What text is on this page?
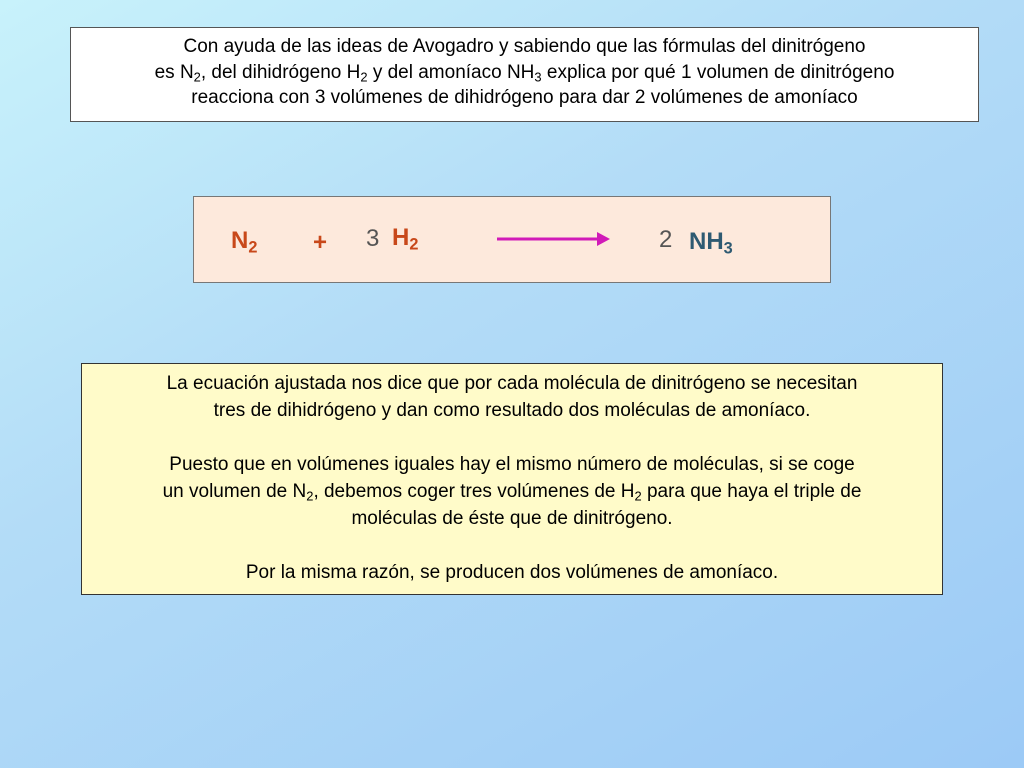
Con ayuda de las ideas de Avogadro y sabiendo que las fórmulas del dinitrógeno
es $N_2$, del dihidrógeno $H_2$ y del amoníaco $NH_3$ explica por qué 1 volumen de dinitrógeno
reacciona con 3 volúmenes de dihidrógeno para dar 2 volúmenes de amoníaco
$N_2 + 3$ $H_2$	2 $NH_3$
La ecuación ajustada nos dice que por cada molécula de dinitrógeno se necesitan
tres de dihidrógeno y dan como resultado dos moléculas de amoníaco.
Puesto que en volúmenes iguales hay el mismo número de moléculas, si se coge
un volumen de $N_2$, debemos coger tres volúmenes de $H_2$ para que haya el triple de
moléculas de éste que de dinitrógeno.
Por la misma razón, se producen dos volúmenes de amoníaco.
